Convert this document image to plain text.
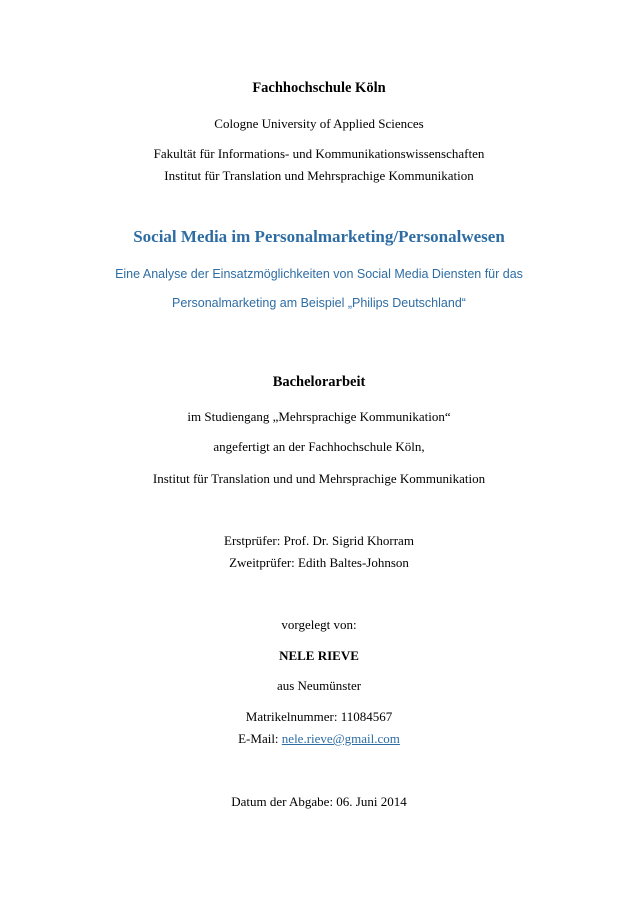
Fachhochschule Köln
Cologne University of Applied Sciences
Fakultät für Informations- und Kommunikationswissenschaften
Institut für Translation und Mehrsprachige Kommunikation
Social Media im Personalmarketing/Personalwesen
Eine Analyse der Einsatzmöglichkeiten von Social Media Diensten für das
Personalmarketing am Beispiel „Philips Deutschland“
Bachelorarbeit
im Studiengang „Mehrsprachige Kommunikation“
angefertigt an der Fachhochschule Köln,
Institut für Translation und und Mehrsprachige Kommunikation
Erstprüfer: Prof. Dr. Sigrid Khorram
Zweitprüfer: Edith Baltes-Johnson
vorgelegt von:
NELE RIEVE
aus Neumünster
Matrikelnummer: 11084567
E-Mail: nele.rieve@gmail.com
Datum der Abgabe: 06. Juni 2014
